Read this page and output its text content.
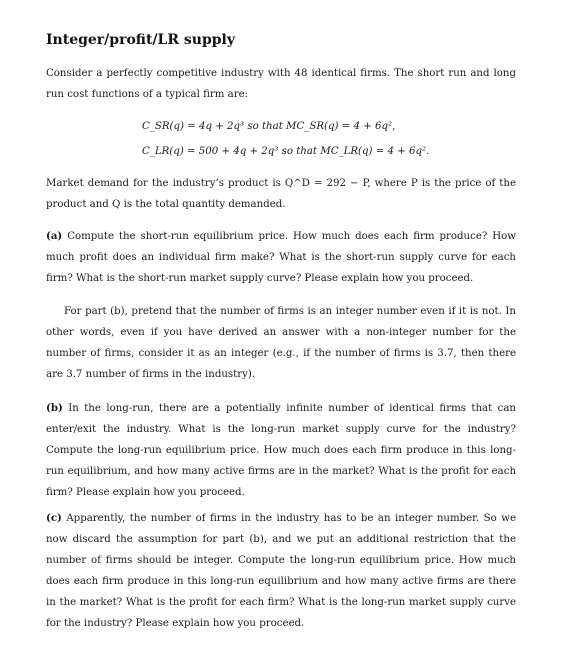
Integer/profit/LR supply

Consider a perfectly competitive industry with 48 identical firms. The short run and long run cost functions of a typical firm are:

C_SR(q) = 4q + 2q³ so that MC_SR(q) = 4 + 6q²,
C_LR(q) = 500 + 4q + 2q³ so that MC_LR(q) = 4 + 6q².

Market demand for the industry’s product is Q^D = 292 − P, where P is the price of the product and Q is the total quantity demanded.

(a) Compute the short-run equilibrium price. How much does each firm produce? How much profit does an individual firm make? What is the short-run supply curve for each firm? What is the short-run market supply curve? Please explain how you proceed.

For part (b), pretend that the number of firms is an integer number even if it is not. In other words, even if you have derived an answer with a non-integer number for the number of firms, consider it as an integer (e.g., if the number of firms is 3.7, then there are 3.7 number of firms in the industry).

(b) In the long-run, there are a potentially infinite number of identical firms that can enter/exit the industry. What is the long-run market supply curve for the industry? Compute the long-run equilibrium price. How much does each firm produce in this long-run equilibrium, and how many active firms are in the market? What is the profit for each firm? Please explain how you proceed.

(c) Apparently, the number of firms in the industry has to be an integer number. So we now discard the assumption for part (b), and we put an additional restriction that the number of firms should be integer. Compute the long-run equilibrium price. How much does each firm produce in this long-run equilibrium and how many active firms are there in the market? What is the profit for each firm? What is the long-run market supply curve for the industry? Please explain how you proceed.
